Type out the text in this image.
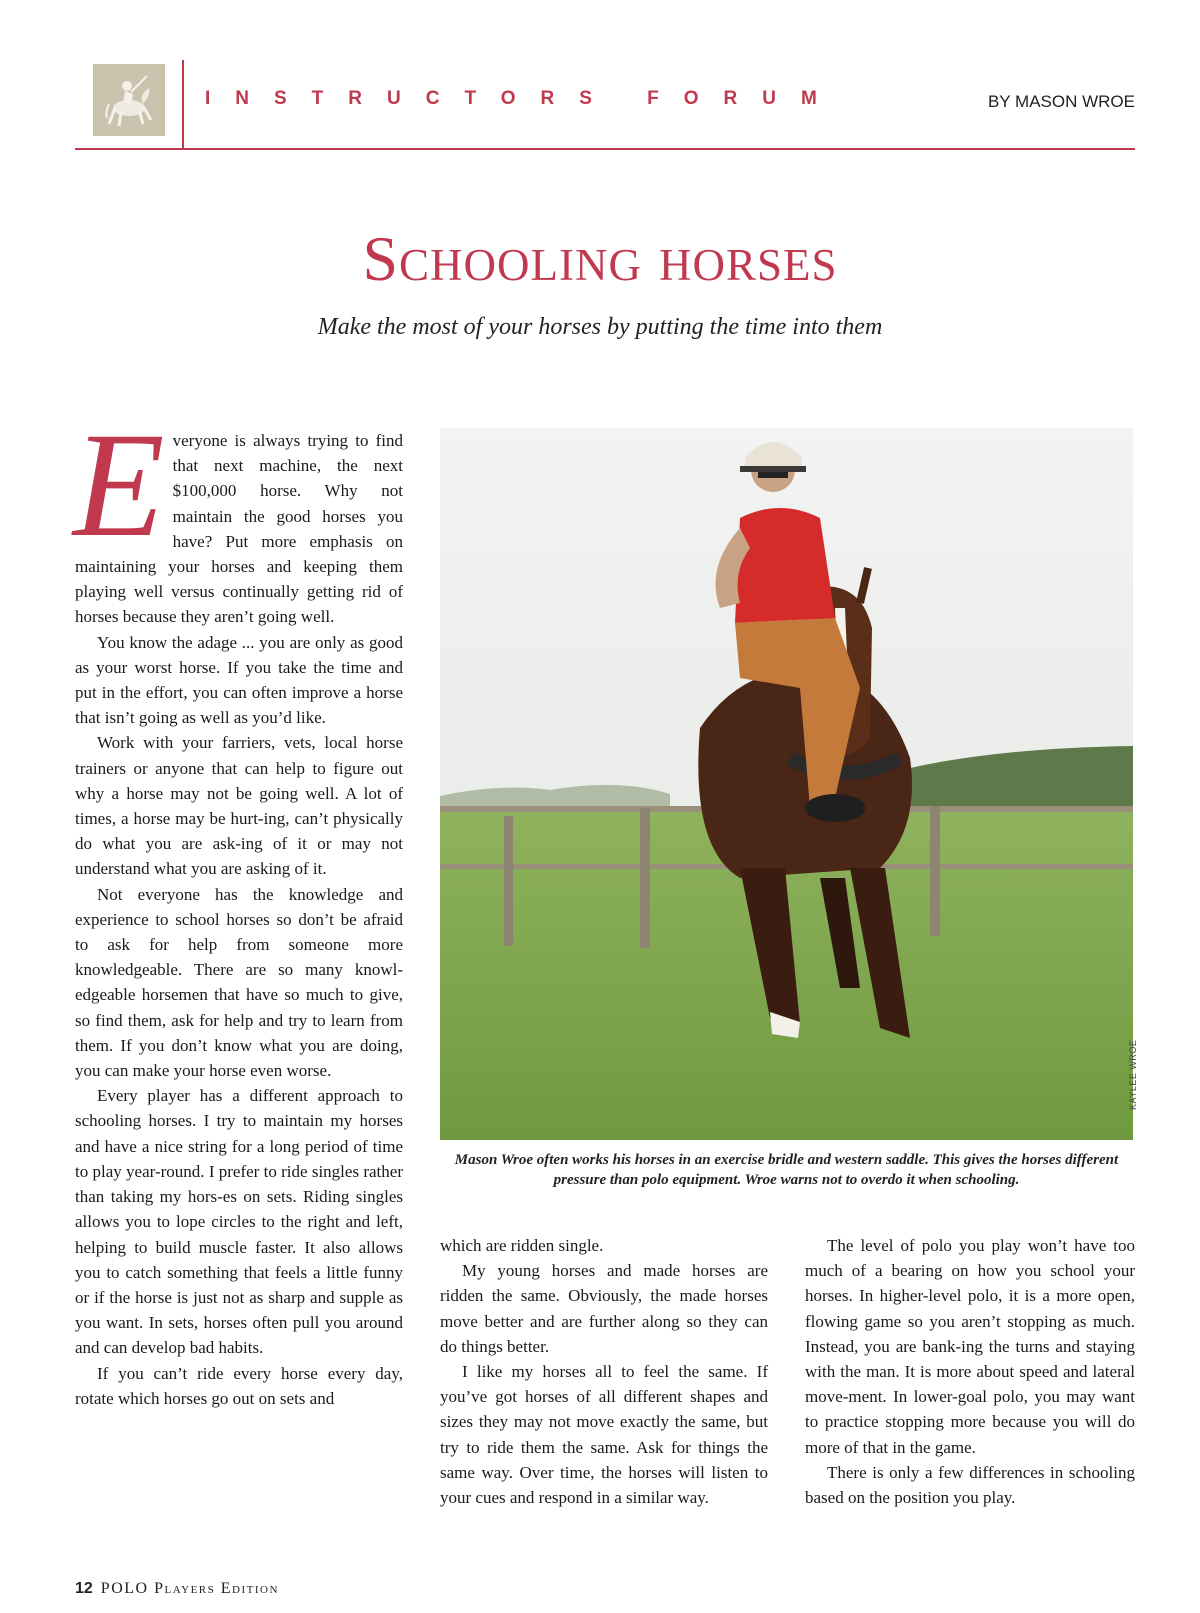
INSTRUCTORS FORUM	BY MASON WROE
Schooling horses
Make the most of your horses by putting the time into them

Everyone is always trying to find that next machine, the next $100,000 horse. Why not maintain the good horses you have? Put more emphasis on maintaining your horses and keeping them playing well versus continually getting rid of horses because they aren’t going well.

You know the adage ... you are only as good as your worst horse. If you take the time and put in the effort, you can often improve a horse that isn’t going as well as you’d like.

Work with your farriers, vets, local horse trainers or anyone that can help to figure out why a horse may not be going well. A lot of times, a horse may be hurt-ing, can’t physically do what you are ask-ing of it or may not understand what you are asking of it.

Not everyone has the knowledge and experience to school horses so don’t be afraid to ask for help from someone more knowledgeable. There are so many knowl-edgeable horsemen that have so much to give, so find them, ask for help and try to learn from them. If you don’t know what you are doing, you can make your horse even worse.

Every player has a different approach to schooling horses. I try to maintain my horses and have a nice string for a long period of time to play year-round. I prefer to ride singles rather than taking my hors-es on sets. Riding singles allows you to lope circles to the right and left, helping to build muscle faster. It also allows you to catch something that feels a little funny or if the horse is just not as sharp and supple as you want. In sets, horses often pull you around and can develop bad habits.

If you can’t ride every horse every day, rotate which horses go out on sets and

KAYLEE WROE
Mason Wroe often works his horses in an exercise bridle and western saddle. This gives the horses different pressure than polo equipment. Wroe warns not to overdo it when schooling.

which are ridden single.

My young horses and made horses are ridden the same. Obviously, the made horses move better and are further along so they can do things better.

I like my horses all to feel the same. If you’ve got horses of all different shapes and sizes they may not move exactly the same, but try to ride them the same. Ask for things the same way. Over time, the horses will listen to your cues and respond in a similar way.

The level of polo you play won’t have too much of a bearing on how you school your horses. In higher-level polo, it is a more open, flowing game so you aren’t stopping as much. Instead, you are bank-ing the turns and staying with the man. It is more about speed and lateral move-ment. In lower-goal polo, you may want to practice stopping more because you will do more of that in the game.

There is only a few differences in schooling based on the position you play.

12 POLO Players Edition
